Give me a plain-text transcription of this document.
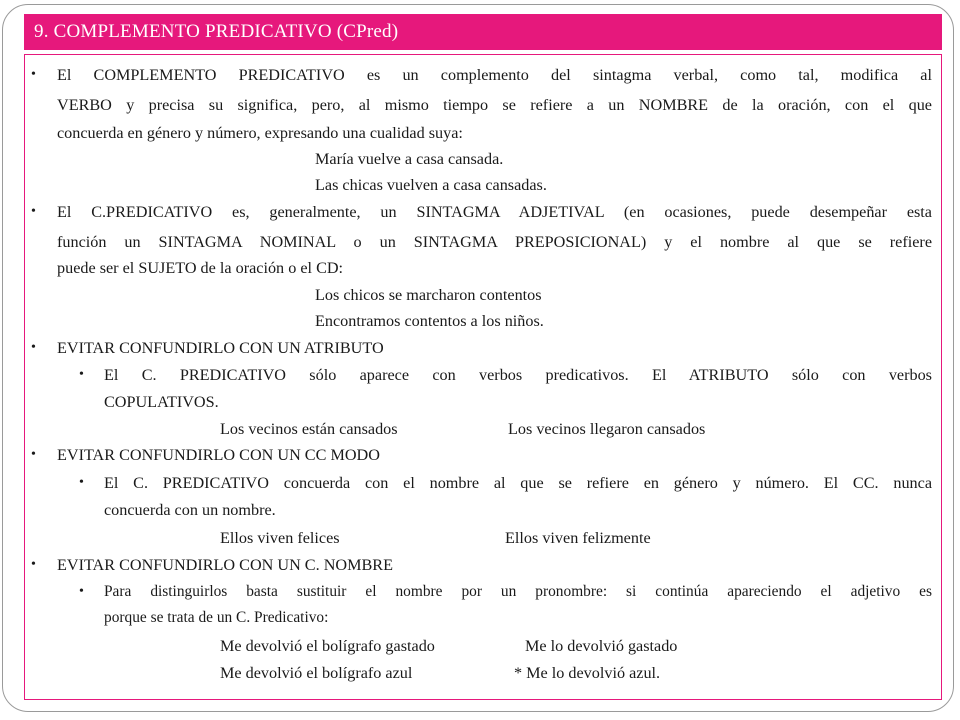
9. COMPLEMENTO PREDICATIVO (CPred)
• El COMPLEMENTO PREDICATIVO es un complemento del sintagma verbal, como tal, modifica al
VERBO y precisa su significa, pero, al mismo tiempo se refiere a un NOMBRE de la oración, con el que
concuerda en género y número, expresando una cualidad suya:
María vuelve a casa cansada.
Las chicas vuelven a casa cansadas.
• El C.PREDICATIVO es, generalmente, un SINTAGMA ADJETIVAL (en ocasiones, puede desempeñar esta
función un SINTAGMA NOMINAL o un SINTAGMA PREPOSICIONAL) y el nombre al que se refiere
puede ser el SUJETO de la oración o el CD:
Los chicos se marcharon contentos
Encontramos contentos a los niños.
• EVITAR CONFUNDIRLO CON UN ATRIBUTO
• El C. PREDICATIVO sólo aparece con verbos predicativos. El ATRIBUTO sólo con verbos
COPULATIVOS.
Los vecinos están cansados	Los vecinos llegaron cansados
• EVITAR CONFUNDIRLO CON UN CC MODO
• El C. PREDICATIVO concuerda con el nombre al que se refiere en género y número. El CC. nunca
concuerda con un nombre.
Ellos viven felices	Ellos viven felizmente
• EVITAR CONFUNDIRLO CON UN C. NOMBRE
• Para distinguirlos basta sustituir el nombre por un pronombre: si continúa apareciendo el adjetivo es
porque se trata de un C. Predicativo:
Me devolvió el bolígrafo gastado	Me lo devolvió gastado
Me devolvió el bolígrafo azul	* Me lo devolvió azul.
